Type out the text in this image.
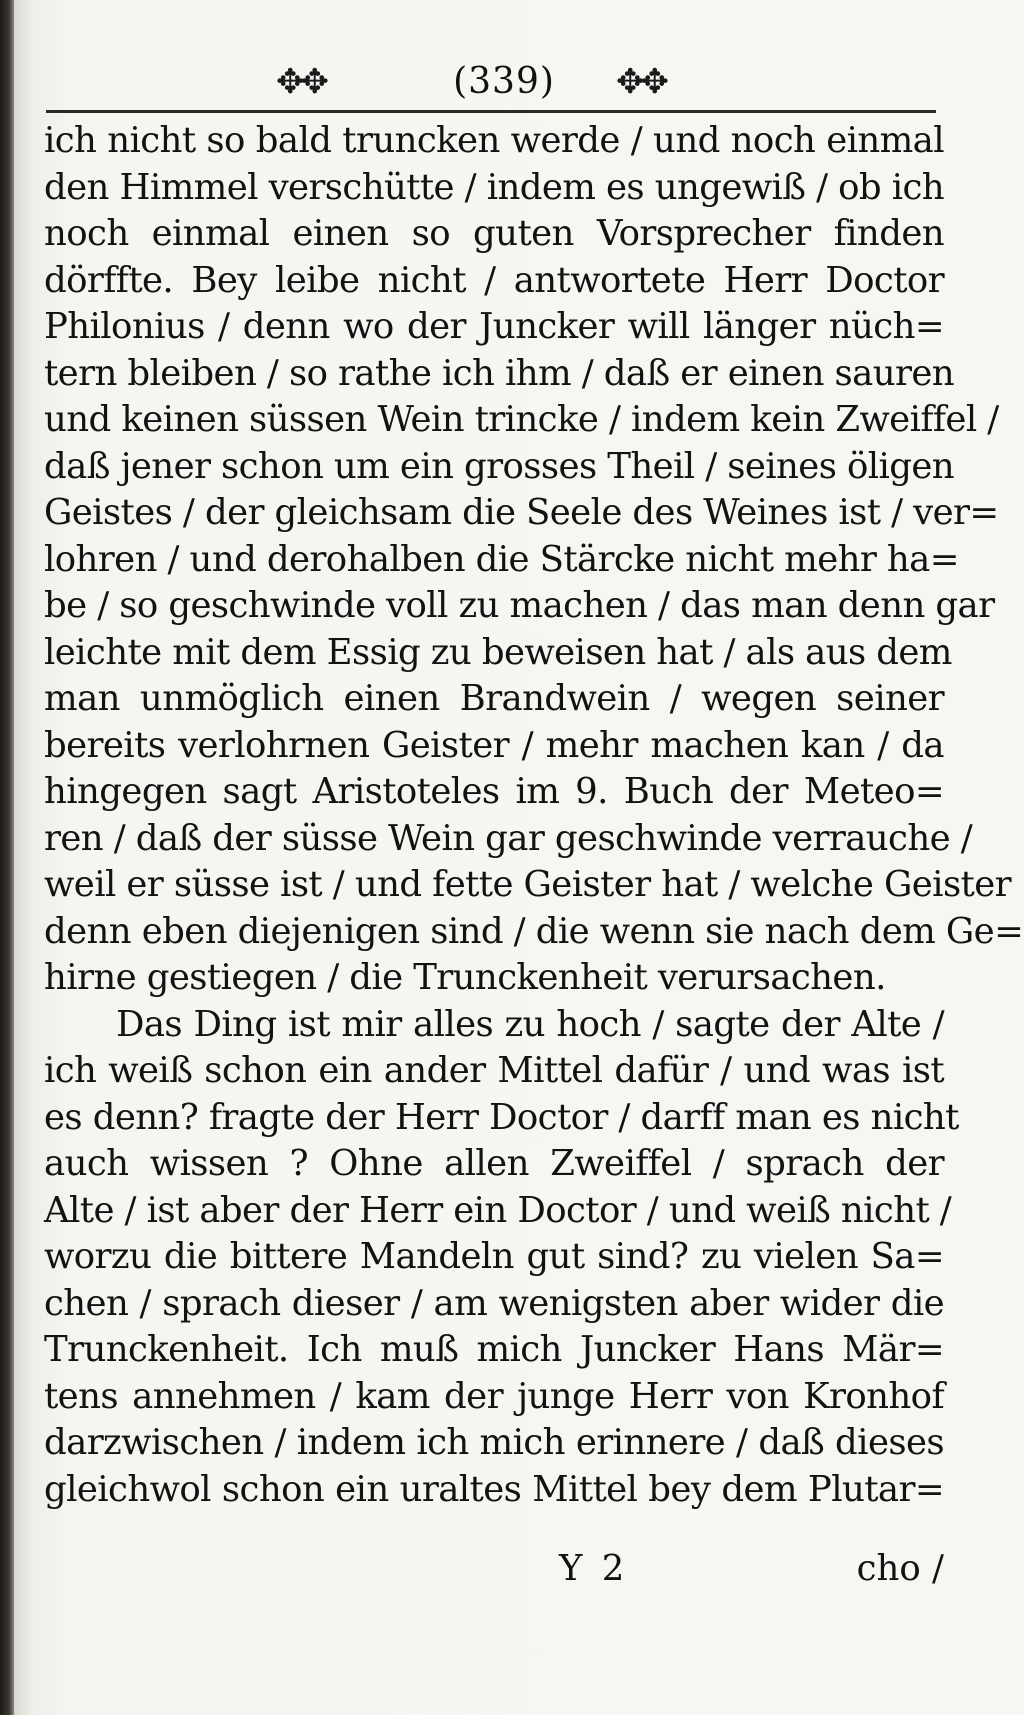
✥✥	(339)	✥✥
ich nicht so bald truncken werde / und noch einmal
den Himmel verschütte / indem es ungewiß / ob ich
noch einmal einen so guten Vorsprecher finden
dörffte. Bey leibe nicht / antwortete Herr Doctor
Philonius / denn wo der Juncker will länger nüch=
tern bleiben / so rathe ich ihm / daß er einen sauren
und keinen süssen Wein trincke / indem kein Zweiffel /
daß jener schon um ein grosses Theil / seines öligen
Geistes / der gleichsam die Seele des Weines ist / ver=
lohren / und derohalben die Stärcke nicht mehr ha=
be / so geschwinde voll zu machen / das man denn gar
leichte mit dem Essig zu beweisen hat / als aus dem
man unmöglich einen Brandwein / wegen seiner
bereits verlohrnen Geister / mehr machen kan / da
hingegen sagt Aristoteles im 9. Buch der Meteo=
ren / daß der süsse Wein gar geschwinde verrauche /
weil er süsse ist / und fette Geister hat / welche Geister
denn eben diejenigen sind / die wenn sie nach dem Ge=
hirne gestiegen / die Trunckenheit verursachen.
Das Ding ist mir alles zu hoch / sagte der Alte /
ich weiß schon ein ander Mittel dafür / und was ist
es denn? fragte der Herr Doctor / darff man es nicht
auch wissen ? Ohne allen Zweiffel / sprach der
Alte / ist aber der Herr ein Doctor / und weiß nicht /
worzu die bittere Mandeln gut sind? zu vielen Sa=
chen / sprach dieser / am wenigsten aber wider die
Trunckenheit. Ich muß mich Juncker Hans Mär=
tens annehmen / kam der junge Herr von Kronhof
darzwischen / indem ich mich erinnere / daß dieses
gleichwol schon ein uraltes Mittel bey dem Plutar=
Y 2	cho /
